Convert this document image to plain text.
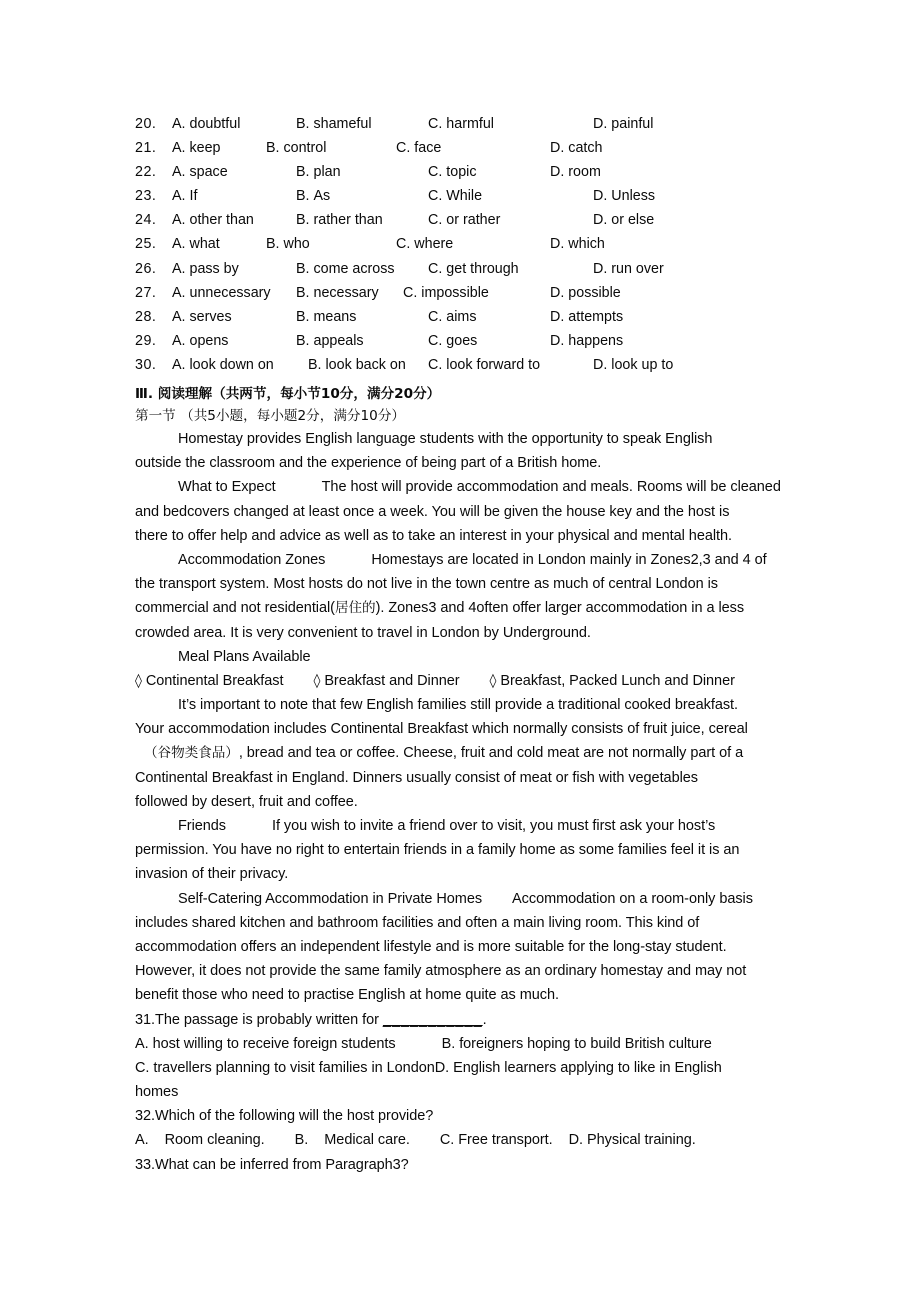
20. A. doubtful	B. shameful	C. harmful	D. painful
21. A. keep	B. control	C. face	D. catch
22. A. space	B. plan	C. topic	D. room
23. A. If	B. As	C. While	D. Unless
24. A. other than	B. rather than	C. or rather	D. or else
25. A. what	B. who	C. where	D. which
26. A. pass by	B. come across C. get through	D. run over
27. A. unnecessary B. necessary C. impossible	D. possible
28. A. serves	B. means	C. aims	D. attempts
29. A. opens	B. appeals	C. goes	D. happens
30. A. look down on B. look back on C. look forward to	D. look up to
Ⅲ. 阅读理解（共两节，每小节10分，满分20分）
第一节 （共5小题，每小题2分，满分10分）
Homestay provides English language students with the opportunity to speak English
outside the classroom and the experience of being part of a British home.
What to Expect	The host will provide accommodation and meals. Rooms will be cleaned
and bedcovers changed at least once a week. You will be given the house key and the host is
there to offer help and advice as well as to take an interest in your physical and mental health.
Accommodation Zones	Homestays are located in London mainly in Zones2,3 and 4 of
the transport system. Most hosts do not live in the town centre as much of central London is
commercial and not residential(居住的). Zones3 and 4often offer larger accommodation in a less
crowded area. It is very convenient to travel in London by Underground.
Meal Plans Available
◊ Continental Breakfast ◊ Breakfast and Dinner ◊ Breakfast, Packed Lunch and Dinner
It’s important to note that few English families still provide a traditional cooked breakfast.
Your accommodation includes Continental Breakfast which normally consists of fruit juice, cereal
（谷物类食品）, bread and tea or coffee. Cheese, fruit and cold meat are not normally part of a
Continental Breakfast in England. Dinners usually consist of meat or fish with vegetables
followed by desert, fruit and coffee.
Friends	If you wish to invite a friend over to visit, you must first ask your host’s
permission. You have no right to entertain friends in a family home as some families feel it is an
invasion of their privacy.
Self-Catering Accommodation in Private Homes Accommodation on a room-only basis
includes shared kitchen and bathroom facilities and often a main living room. This kind of
accommodation offers an independent lifestyle and is more suitable for the long-stay student.
However, it does not provide the same family atmosphere as an ordinary homestay and may not
benefit those who need to practise English at home quite as much.
31.The passage is probably written for ___________.
A. host willing to receive foreign students	B. foreigners hoping to build British culture
C. travellers planning to visit families in LondonD. English learners applying to like in English
homes
32.Which of the following will the host provide?
A. Room cleaning. B. Medical care. C. Free transport. D. Physical training.
33.What can be inferred from Paragraph3?
